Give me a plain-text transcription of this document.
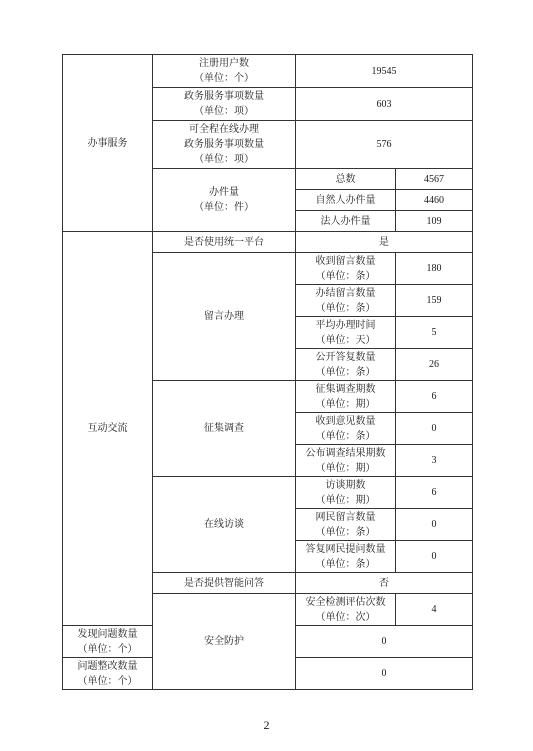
办事服务	注册用户数
（单位：个）	19545	

	政务服务事项数量
（单位：项）	603	

	可全程在线办理
政务服务事项数量
（单位：项）	576	

	办件量
（单位：件）	总数	4567
		自然人办件量	4460
		法人办件量	109
互动交流	是否使用统一平台	是	
	留言办理	收到留言数量
（单位：条）	180

		办结留言数量
（单位：条）	159

		平均办理时间
（单位：天）	5

		公开答复数量
（单位：条）	26
	征集调查	征集调查期数
（单位：期）	6

		收到意见数量
（单位：条）	0

		公布调查结果期数
（单位：期）	3
	在线访谈	访谈期数
（单位：期）	6

		网民留言数量
（单位：条）	0

		答复网民提问数量
（单位：条）	0
	是否提供智能问答	否	
	安全防护	安全检测评估次数
（单位：次）	4

发现问题数量
（单位：个）		0	

问题整改数量
（单位：个）		0	
2
